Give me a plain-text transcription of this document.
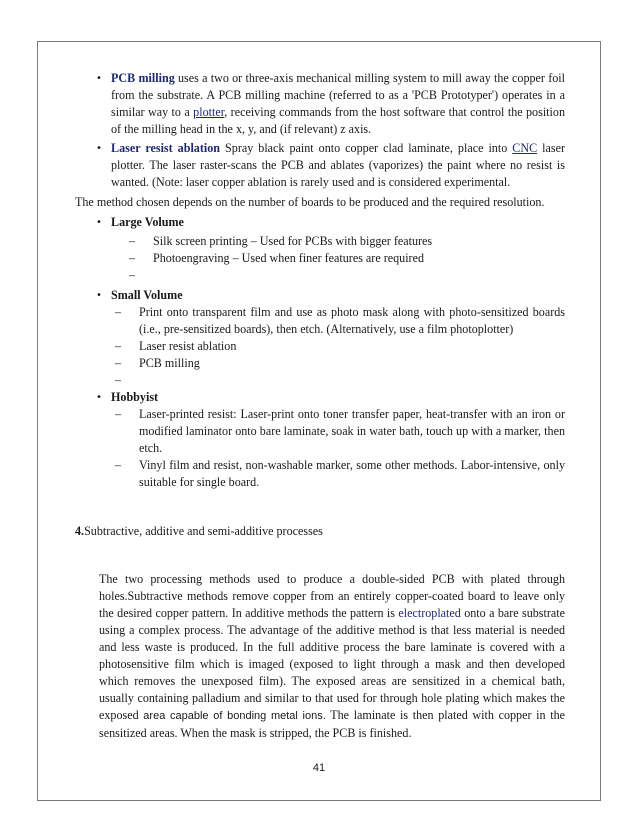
• PCB milling uses a two or three-axis mechanical milling system to mill away the copper foil from the substrate. A PCB milling machine (referred to as a 'PCB Prototyper') operates in a similar way to a plotter, receiving commands from the host software that control the position of the milling head in the x, y, and (if relevant) z axis.
• Laser resist ablation Spray black paint onto copper clad laminate, place into CNC laser plotter. The laser raster-scans the PCB and ablates (vaporizes) the paint where no resist is wanted. (Note: laser copper ablation is rarely used and is considered experimental.

The method chosen depends on the number of boards to be produced and the required resolution.

• Large Volume
– Silk screen printing – Used for PCBs with bigger features
– Photoengraving – Used when finer features are required
–
• Small Volume
– Print onto transparent film and use as photo mask along with photo-sensitized boards (i.e., pre-sensitized boards), then etch. (Alternatively, use a film photoplotter)
– Laser resist ablation
– PCB milling
–
• Hobbyist
– Laser-printed resist: Laser-print onto toner transfer paper, heat-transfer with an iron or modified laminator onto bare laminate, soak in water bath, touch up with a marker, then etch.
– Vinyl film and resist, non-washable marker, some other methods. Labor-intensive, only suitable for single board.

4.Subtractive, additive and semi-additive processes

The two processing methods used to produce a double-sided PCB with plated through holes.Subtractive methods remove copper from an entirely copper-coated board to leave only the desired copper pattern. In additive methods the pattern is electroplated onto a bare substrate using a complex process. The advantage of the additive method is that less material is needed and less waste is produced. In the full additive process the bare laminate is covered with a photosensitive film which is imaged (exposed to light through a mask and then developed which removes the unexposed film). The exposed areas are sensitized in a chemical bath, usually containing palladium and similar to that used for through hole plating which makes the exposed area capable of bonding metal ions. The laminate is then plated with copper in the sensitized areas. When the mask is stripped, the PCB is finished.

41
